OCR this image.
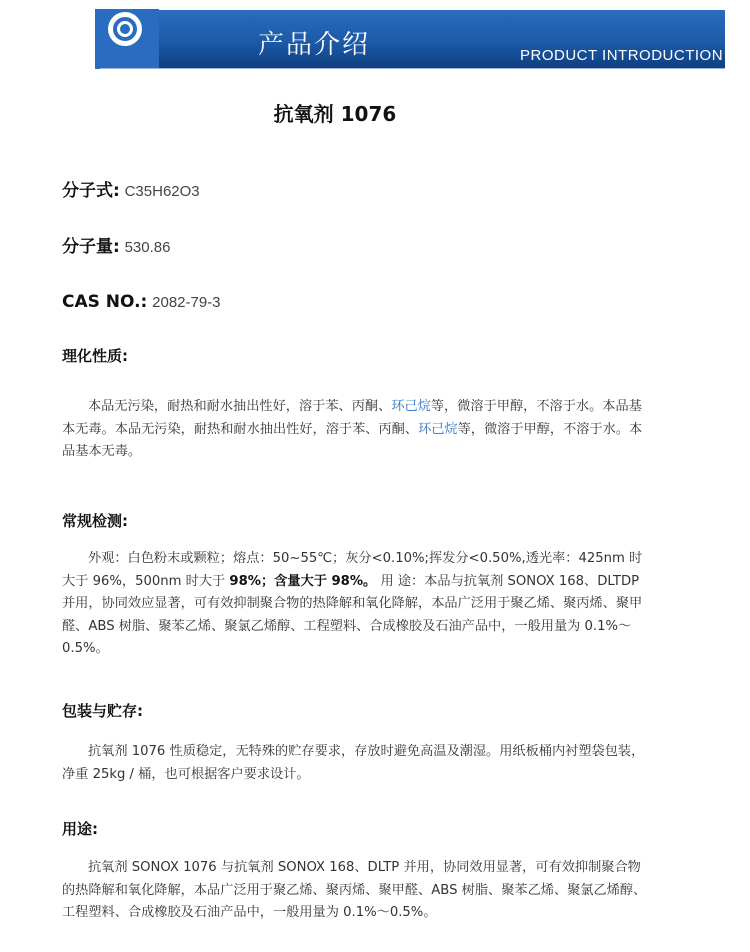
产品介绍	PRODUCT INTRODUCTION
抗氧剂 1076
分子式: C35H62O3
分子量: 530.86
CAS NO.: 2082-79-3
理化性质:
本品无污染，耐热和耐水抽出性好，溶于苯、丙酮、环己烷等，微溶于甲醇，不溶于水。本品基本无毒。本品无污染，耐热和耐水抽出性好，溶于苯、丙酮、环己烷等，微溶于甲醇，不溶于水。本品基本无毒。
常规检测:
外观：白色粉末或颗粒；熔点：50~55℃；灰分<0.10%;挥发分<0.50%,透光率：425nm 时大于 96%，500nm 时大于 98%；含量大于 98%。 用 途：本品与抗氧剂 SONOX 168、DLTDP 并用，协同效应显著，可有效抑制聚合物的热降解和氧化降解，本品广泛用于聚乙烯、聚丙烯、聚甲醛、ABS 树脂、聚苯乙烯、聚氯乙烯醇、工程塑料、合成橡胶及石油产品中，一般用量为 0.1%～0.5%。
包装与贮存:
抗氧剂 1076 性质稳定，无特殊的贮存要求，存放时避免高温及潮湿。用纸板桶内衬塑袋包装，净重 25kg / 桶，也可根据客户要求设计。
用途:
抗氧剂 SONOX 1076 与抗氧剂 SONOX 168、DLTP 并用，协同效用显著，可有效抑制聚合物的热降解和氧化降解，本品广泛用于聚乙烯、聚丙烯、聚甲醛、ABS 树脂、聚苯乙烯、聚氯乙烯醇、工程塑料、合成橡胶及石油产品中，一般用量为 0.1%～0.5%。
